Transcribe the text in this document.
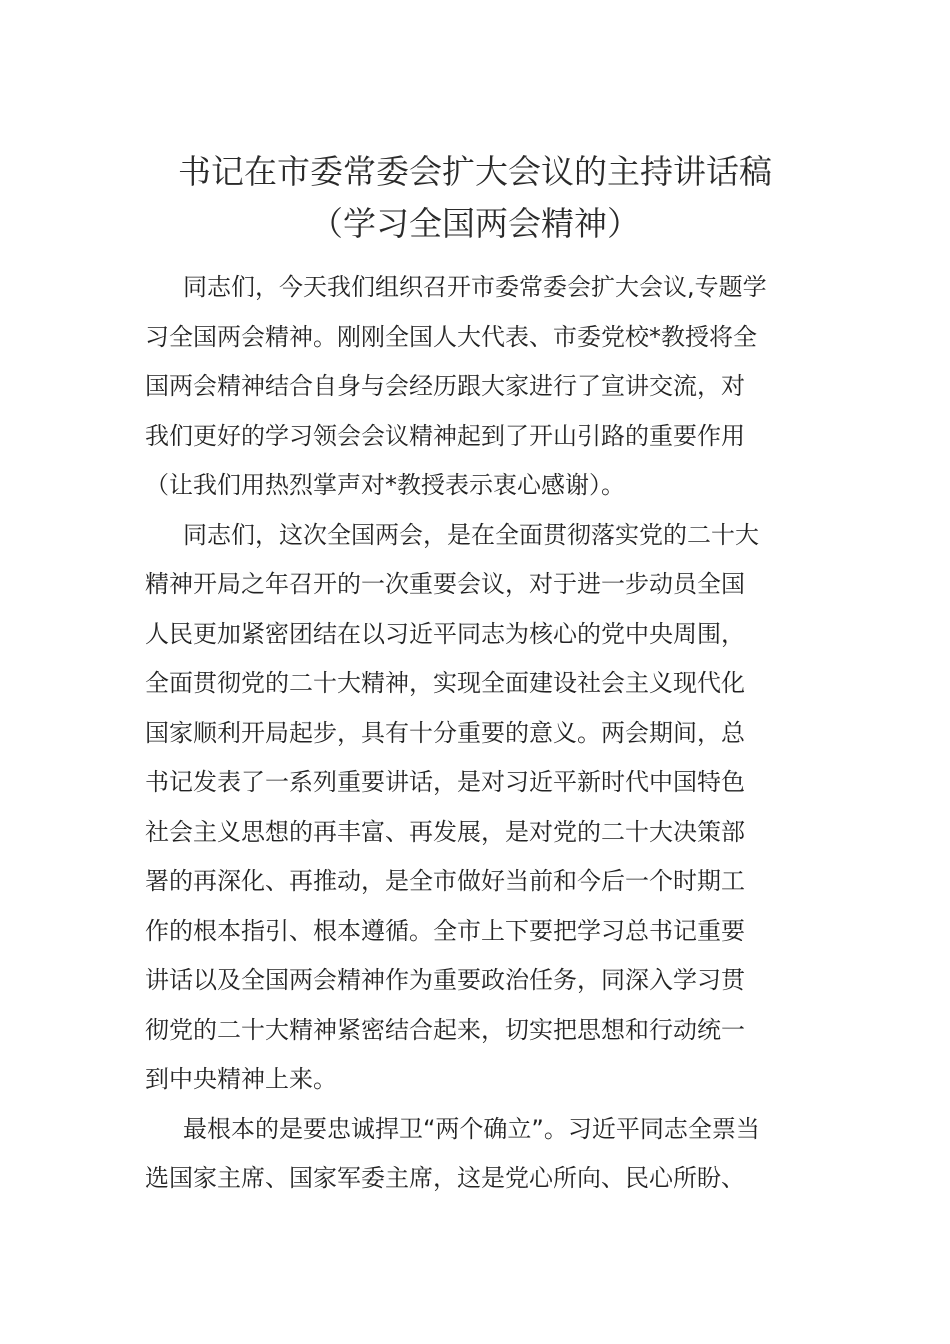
书记在市委常委会扩大会议的主持讲话稿
（学习全国两会精神）
同志们，今天我们组织召开市委常委会扩大会议,专题学
习全国两会精神。刚刚全国人大代表、市委党校*教授将全
国两会精神结合自身与会经历跟大家进行了宣讲交流，对
我们更好的学习领会会议精神起到了开山引路的重要作用
（让我们用热烈掌声对*教授表示衷心感谢）。
同志们，这次全国两会，是在全面贯彻落实党的二十大
精神开局之年召开的一次重要会议，对于进一步动员全国
人民更加紧密团结在以习近平同志为核心的党中央周围，
全面贯彻党的二十大精神，实现全面建设社会主义现代化
国家顺利开局起步，具有十分重要的意义。两会期间，总
书记发表了一系列重要讲话，是对习近平新时代中国特色
社会主义思想的再丰富、再发展，是对党的二十大决策部
署的再深化、再推动，是全市做好当前和今后一个时期工
作的根本指引、根本遵循。全市上下要把学习总书记重要
讲话以及全国两会精神作为重要政治任务，同深入学习贯
彻党的二十大精神紧密结合起来，切实把思想和行动统一
到中央精神上来。
最根本的是要忠诚捍卫“两个确立”。习近平同志全票当
选国家主席、国家军委主席，这是党心所向、民心所盼、
